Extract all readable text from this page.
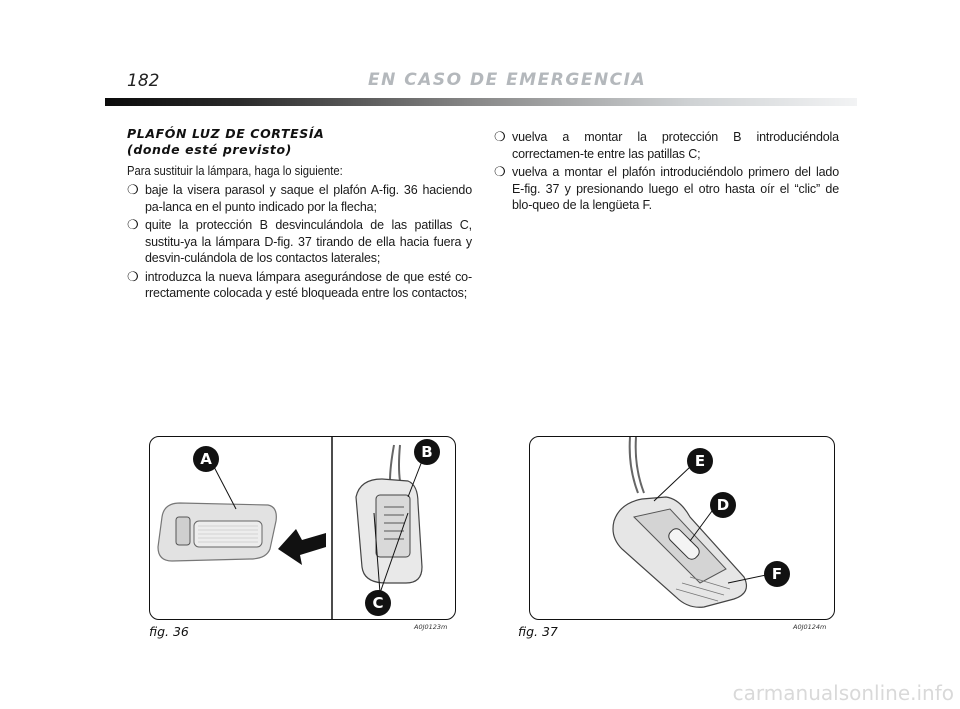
182	EN CASO DE EMERGENCIA
PLAFÓN LUZ DE CORTESÍA
(donde esté previsto)
Para sustituir la lámpara, haga lo siguiente:
❍ baje la visera parasol y saque el plafón A-fig. 36 haciendo pa-lanca en el punto indicado por la flecha;
❍ quite la protección B desvinculándola de las patillas C, sustitu-ya la lámpara D-fig. 37 tirando de ella hacia fuera y desvin-culándola de los contactos laterales;
❍ introduzca la nueva lámpara asegurándose de que esté co-rrectamente colocada y esté bloqueada entre los contactos;
❍ vuelva a montar la protección B introduciéndola correctamen-te entre las patillas C;
❍ vuelva a montar el plafón introduciéndolo primero del lado E-fig. 37 y presionando luego el otro hasta oír el “clic” de blo-queo de la lengüeta F.
A	B
C
fig. 36	A0J0123m
E
D
F
fig. 37	A0J0124m
carmanualsonline.info
